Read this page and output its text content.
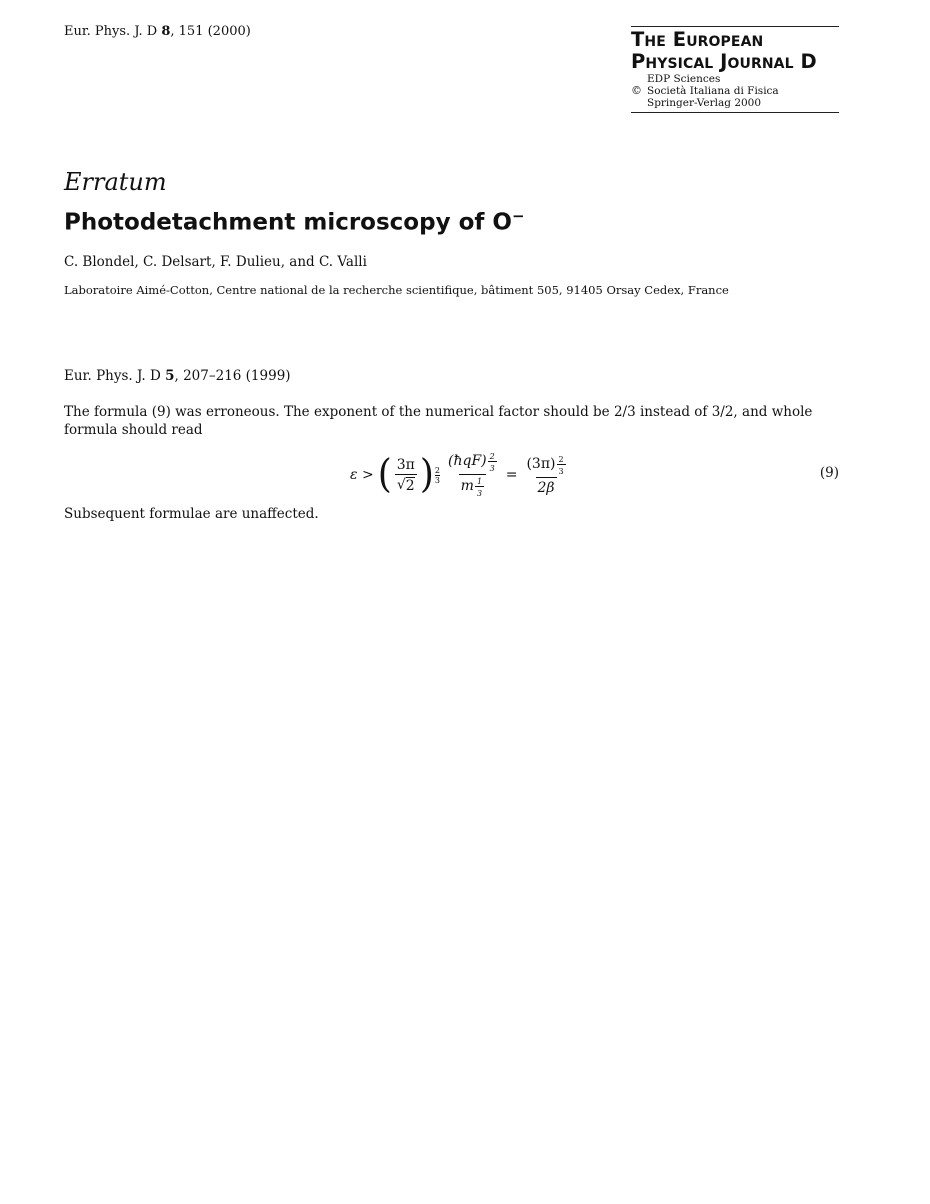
Eur. Phys. J. D 8, 151 (2000)	The European
Physical Journal D
EDP Sciences
© Società Italiana di Fisica
Springer-Verlag 2000
Erratum
Photodetachment microscopy of O−
C. Blondel, C. Delsart, F. Dulieu, and C. Valli
Laboratoire Aimé-Cotton, Centre national de la recherche scientifique, bâtiment 505, 91405 Orsay Cedex, France
Eur. Phys. J. D 5, 207–216 (1999)
The formula (9) was erroneous. The exponent of the numerical factor should be 2/3 instead of 3/2, and whole formula should read
ε > ( $\frac{3\pi}{√ 2}$ ) $\frac{2}{3} \frac{(ħqF) \frac{2}{3}}{m \frac{1}{3}} = \frac{(3\pi) \frac{2}{3}}{2\beta}$	(9)
Subsequent formulae are unaffected.
